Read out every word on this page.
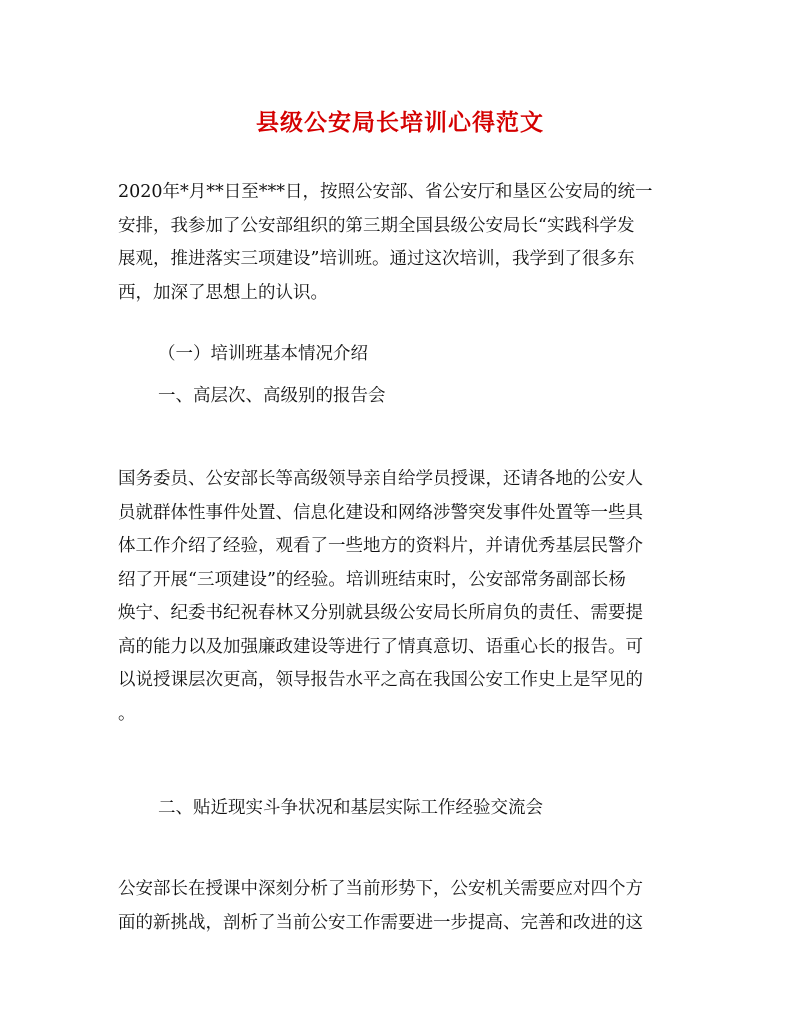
县级公安局长培训心得范文
2020年*月**日至***日，按照公安部、省公安厅和垦区公安局的统一
安排，我参加了公安部组织的第三期全国县级公安局长“实践科学发
展观，推进落实三项建设”培训班。通过这次培训，我学到了很多东
西，加深了思想上的认识。
（一）培训班基本情况介绍
一、高层次、高级别的报告会
国务委员、公安部长等高级领导亲自给学员授课，还请各地的公安人
员就群体性事件处置、信息化建设和网络涉警突发事件处置等一些具
体工作介绍了经验，观看了一些地方的资料片，并请优秀基层民警介
绍了开展“三项建设”的经验。培训班结束时，公安部常务副部长杨
焕宁、纪委书纪祝春林又分别就县级公安局长所肩负的责任、需要提
高的能力以及加强廉政建设等进行了情真意切、语重心长的报告。可
以说授课层次更高，领导报告水平之高在我国公安工作史上是罕见的
。
二、贴近现实斗争状况和基层实际工作经验交流会
公安部长在授课中深刻分析了当前形势下，公安机关需要应对四个方
面的新挑战，剖析了当前公安工作需要进一步提高、完善和改进的这
